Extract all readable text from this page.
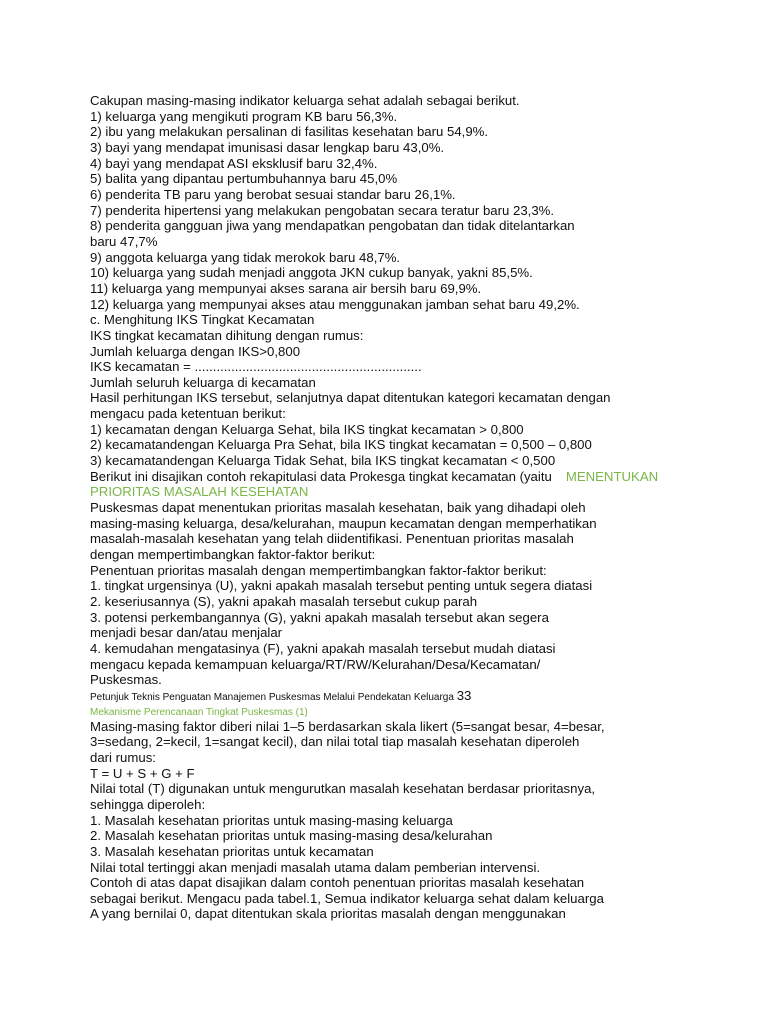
Cakupan masing-masing indikator keluarga sehat adalah sebagai berikut.

1) keluarga yang mengikuti program KB baru 56,3%.

2) ibu yang melakukan persalinan di fasilitas kesehatan baru 54,9%.

3) bayi yang mendapat imunisasi dasar lengkap baru 43,0%.

4) bayi yang mendapat ASI eksklusif baru 32,4%.

5) balita yang dipantau pertumbuhannya baru 45,0%

6) penderita TB paru yang berobat sesuai standar baru 26,1%.

7) penderita hipertensi yang melakukan pengobatan secara teratur baru 23,3%.

8) penderita gangguan jiwa yang mendapatkan pengobatan dan tidak ditelantarkan

baru 47,7%

9) anggota keluarga yang tidak merokok baru 48,7%.

10) keluarga yang sudah menjadi anggota JKN cukup banyak, yakni 85,5%.

11) keluarga yang mempunyai akses sarana air bersih baru 69,9%.

12) keluarga yang mempunyai akses atau menggunakan jamban sehat baru 49,2%.

c. Menghitung IKS Tingkat Kecamatan

IKS tingkat kecamatan dihitung dengan rumus:

Jumlah keluarga dengan IKS>0,800

IKS kecamatan = ..............................................................

Jumlah seluruh keluarga di kecamatan

Hasil perhitungan IKS tersebut, selanjutnya dapat ditentukan kategori kecamatan dengan

mengacu pada ketentuan berikut:

1) kecamatan dengan Keluarga Sehat, bila IKS tingkat kecamatan > 0,800

2) kecamatandengan Keluarga Pra Sehat, bila IKS tingkat kecamatan = 0,500 – 0,800

3) kecamatandengan Keluarga Tidak Sehat, bila IKS tingkat kecamatan < 0,500

Berikut ini disajikan contoh rekapitulasi data Prokesga tingkat kecamatan (yaitu MENENTUKAN

PRIORITAS MASALAH KESEHATAN

Puskesmas dapat menentukan prioritas masalah kesehatan, baik yang dihadapi oleh

masing-masing keluarga, desa/kelurahan, maupun kecamatan dengan memperhatikan

masalah-masalah kesehatan yang telah diidentifikasi. Penentuan prioritas masalah

dengan mempertimbangkan faktor-faktor berikut:

Penentuan prioritas masalah dengan mempertimbangkan faktor-faktor berikut:

1. tingkat urgensinya (U), yakni apakah masalah tersebut penting untuk segera diatasi

2. keseriusannya (S), yakni apakah masalah tersebut cukup parah

3. potensi perkembangannya (G), yakni apakah masalah tersebut akan segera

menjadi besar dan/atau menjalar

4. kemudahan mengatasinya (F), yakni apakah masalah tersebut mudah diatasi

mengacu kepada kemampuan keluarga/RT/RW/Kelurahan/Desa/Kecamatan/

Puskesmas.

Petunjuk Teknis Penguatan Manajemen Puskesmas Melalui Pendekatan Keluarga 33

Mekanisme Perencanaan Tingkat Puskesmas (1)

Masing-masing faktor diberi nilai 1–5 berdasarkan skala likert (5=sangat besar, 4=besar,

3=sedang, 2=kecil, 1=sangat kecil), dan nilai total tiap masalah kesehatan diperoleh

dari rumus:

T = U + S + G + F

Nilai total (T) digunakan untuk mengurutkan masalah kesehatan berdasar prioritasnya,

sehingga diperoleh:

1. Masalah kesehatan prioritas untuk masing-masing keluarga

2. Masalah kesehatan prioritas untuk masing-masing desa/kelurahan

3. Masalah kesehatan prioritas untuk kecamatan

Nilai total tertinggi akan menjadi masalah utama dalam pemberian intervensi.

Contoh di atas dapat disajikan dalam contoh penentuan prioritas masalah kesehatan

sebagai berikut. Mengacu pada tabel.1, Semua indikator keluarga sehat dalam keluarga

A yang bernilai 0, dapat ditentukan skala prioritas masalah dengan menggunakan
